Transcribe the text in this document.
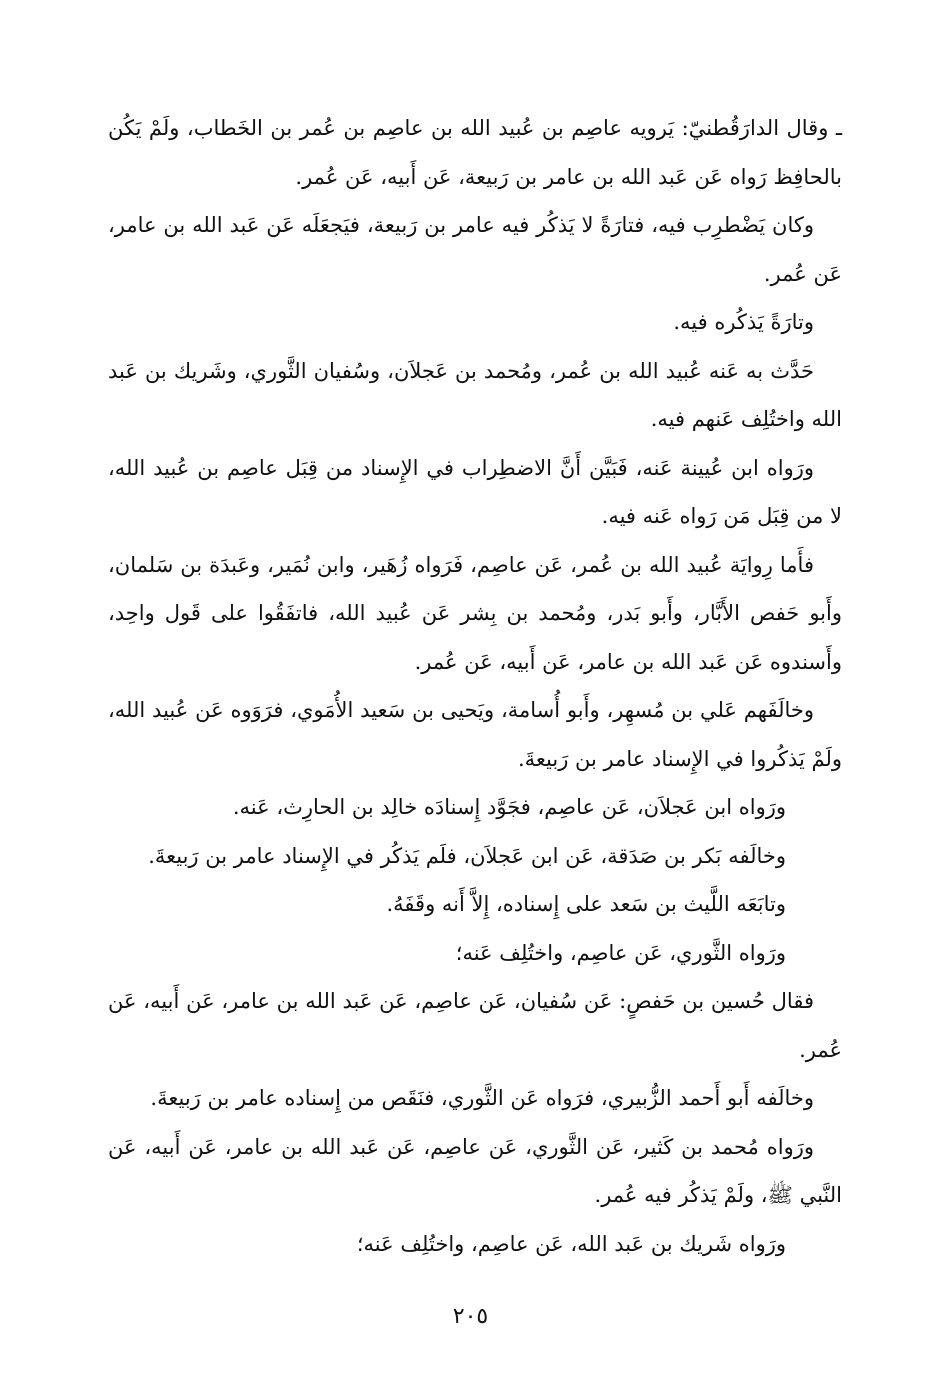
ـ وقال الدارَقُطنيّ: يَرويه عاصِم بن عُبيد الله بن عاصِم بن عُمر بن الخَطاب، ولَمْ يَكُن بالحافِظ رَواه عَن عَبد الله بن عامر بن رَبيعة، عَن أَبيه، عَن عُمر.

وكان يَضْطرِب فيه، فتارَةً لا يَذكُر فيه عامر بن رَبيعة، فيَجعَلَه عَن عَبد الله بن عامر، عَن عُمر.

وتارَةً يَذكُره فيه.

حَدَّث به عَنه عُبيد الله بن عُمر، ومُحمد بن عَجلاَن، وسُفيان الثَّوري، وشَريك بن عَبد الله واختُلِف عَنهم فيه.

ورَواه ابن عُيينة عَنه، فَبَيَّن أَنَّ الاضطِراب في الإِسناد من قِبَل عاصِم بن عُبيد الله، لا من قِبَل مَن رَواه عَنه فيه.

فأَما رِوايَة عُبيد الله بن عُمر، عَن عاصِم، فَرَواه زُهَير، وابن نُمَير، وعَبدَة بن سَلمان، وأَبو حَفص الأَبَّار، وأَبو بَدر، ومُحمد بن بِشر عَن عُبيد الله، فاتفَقُوا على قَول واحِد، وأَسندوه عَن عَبد الله بن عامر، عَن أَبيه، عَن عُمر.

وخالَفَهم عَلي بن مُسهِر، وأَبو أُسامة، ويَحيى بن سَعيد الأُمَوي، فرَوَوه عَن عُبيد الله، ولَمْ يَذكُروا في الإِسناد عامر بن رَبيعةَ.

ورَواه ابن عَجلاَن، عَن عاصِم، فجَوَّد إِسنادَه خالِد بن الحارِث، عَنه.

وخالَفه بَكر بن صَدَقة، عَن ابن عَجلاَن، فلَم يَذكُر في الإِسناد عامر بن رَبيعةَ.

وتابَعَه اللَّيث بن سَعد على إِسناده، إِلاَّ أَنه وقَفَهُ.

ورَواه الثَّوري، عَن عاصِم، واختُلِف عَنه؛

فقال حُسين بن حَفصٍ: عَن سُفيان، عَن عاصِم، عَن عَبد الله بن عامر، عَن أَبيه، عَن عُمر.

وخالَفه أَبو أَحمد الزُّبيري، فرَواه عَن الثَّوري، فنَقَص من إِسناده عامر بن رَبيعةَ.

ورَواه مُحمد بن كَثير، عَن الثَّوري، عَن عاصِم، عَن عَبد الله بن عامر، عَن أَبيه، عَن النَّبي ﷺ، ولَمْ يَذكُر فيه عُمر.

ورَواه شَريك بن عَبد الله، عَن عاصِم، واختُلِف عَنه؛

٢٠٥
